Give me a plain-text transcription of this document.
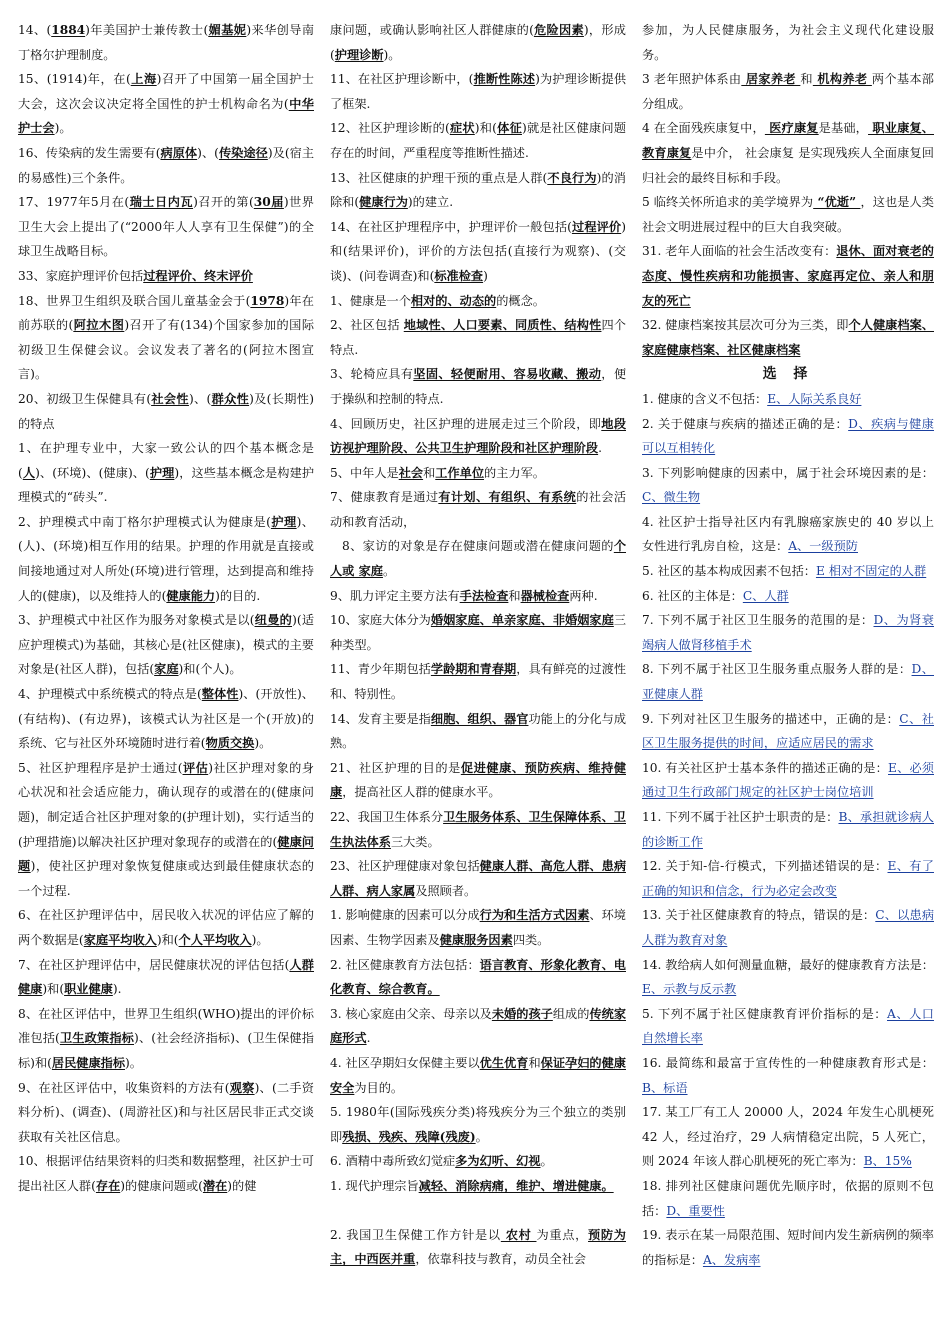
14、(1884)年美国护士兼传教士(媚基妮)来华创导南丁格尔护理制度。

15、(1914)年，在(上海)召开了中国第一届全国护士大会，这次会议决定将全国性的护士机构命名为(中华护士会)。

16、传染病的发生需要有(病原体)、(传染途径)及(宿主的易感性)三个条件。

17、1977年5月在(瑞士日内瓦)召开的第(30届)世界卫生大会上提出了(“2000年人人享有卫生保健”)的全球卫生战略目标。

33、家庭护理评价包括过程评价、终末评价

18、世界卫生组织及联合国儿童基金会于(1978)年在前苏联的(阿拉木图)召开了有(134)个国家参加的国际初级卫生保健会议。会议发表了著名的(阿拉木图宣言)。

20、初级卫生保健具有(社会性)、(群众性)及(长期性)的特点

1、在护理专业中，大家一致公认的四个基本概念是(人)、(环境)、(健康)、(护理)，这些基本概念是构建护理模式的“砖头”.

2、护理模式中南丁格尔护理模式认为健康是(护理)、(人)、(环境)相互作用的结果。护理的作用就是直接或间接地通过对人所处(环境)进行管理，达到提高和维持人的(健康)，以及维持人的(健康能力)的目的.

3、护理模式中社区作为服务对象模式是以(纽曼的)(适应护理模式)为基础，其核心是(社区健康)，模式的主要对象是(社区人群)，包括(家庭)和(个人)。

4、护理模式中系统模式的特点是(整体性)、(开放性)、(有结构)、(有边界)，该模式认为社区是一个(开放)的系统、它与社区外环境随时进行着(物质交换)。

5、社区护理程序是护士通过(评估)社区护理对象的身心状况和社会适应能力，确认现存的或潜在的(健康问题)，制定适合社区护理对象的(护理计划)，实行适当的(护理措施)以解决社区护理对象现存的或潜在的(健康问题)，使社区护理对象恢复健康或达到最佳健康状态的一个过程.

6、在社区护理评估中，居民收入状况的评估应了解的两个数据是(家庭平均收入)和(个人平均收入)。

7、在社区护理评估中，居民健康状况的评估包括(人群健康)和(职业健康).

8、在社区评估中，世界卫生组织(WHO)提出的评价标准包括(卫生政策指标)、(社会经济指标)、(卫生保健指标)和(居民健康指标)。

9、在社区评估中，收集资料的方法有(观察)、(二手资料分析)、(调查)、(周游社区)和与社区居民非正式交谈获取有关社区信息。

10、根据评估结果资料的归类和数据整理，社区护士可提出社区人群(存在)的健康问题或(潜在)的健

康问题，或确认影响社区人群健康的(危险因素)，形成(护理诊断)。

11、在社区护理诊断中，(推断性陈述)为护理诊断提供了框架.

12、社区护理诊断的(症状)和(体征)就是社区健康问题存在的时间，严重程度等推断性描述.

13、社区健康的护理干预的重点是人群(不良行为)的消除和(健康行为)的建立.

14、在社区护理程序中，护理评价一般包括(过程评价)和(结果评价)，评价的方法包括(直接行为观察)、(交谈)、(问卷调查)和(标准检查)

1、健康是一个相对的、动态的的概念。

2、社区包括 地域性、人口要素、同质性、结构性四个特点.

3、轮椅应具有坚固、轻便耐用、容易收藏、搬动，便于操纵和控制的特点.

4、回顾历史，社区护理的进展走过三个阶段，即地段访视护理阶段、公共卫生护理阶段和社区护理阶段.

5、中年人是社会和工作单位的主力军。

7、健康教育是通过有计划、有组织、有系统的社会活动和教育活动，

8、家访的对象是存在健康问题或潜在健康问题的个人或 家庭。

9、肌力评定主要方法有手法检查和器械检查两种.

10、家庭大体分为婚姻家庭、单亲家庭、非婚姻家庭三种类型。

11、青少年期包括学龄期和青春期，具有鲜亮的过渡性和、特别性。

14、发育主要是指细胞、组织、器官功能上的分化与成熟。

21、社区护理的目的是促进健康、预防疾病、维持健康，提高社区人群的健康水平。

22、我国卫生体系分卫生服务体系、卫生保障体系、卫生执法体系三大类。

23、社区护理健康对象包括健康人群、高危人群、患病人群、病人家属及照顾者。

1. 影响健康的因素可以分成行为和生活方式因素、环境因素、生物学因素及健康服务因素四类。

2. 社区健康教育方法包括：语言教育、形象化教育、电化教育、综合教育。

3. 核心家庭由父亲、母亲以及未婚的孩子组成的传统家庭形式.

4. 社区孕期妇女保健主要以优生优育和保证孕妇的健康安全为目的。

5. 1980年(国际残疾分类)将残疾分为三个独立的类别即残损、残疾、残障(残废)。

6. 酒精中毒所致幻觉症多为幻听、幻视。

1. 现代护理宗旨减轻、消除病痛，维护、增进健康。

2. 我国卫生保健工作方针是以 农村 为重点，预防为主，中西医并重，依靠科技与教育，动员全社会

参加，为人民健康服务，为社会主义现代化建设服务。

3 老年照护体系由 居家养老 和 机构养老 两个基本部分组成。

4 在全面残疾康复中， 医疗康复是基础， 职业康复、教育康复是中介， 社会康复 是实现残疾人全面康复回归社会的最终目标和手段。

5 临终关怀所追求的美学境界为 “优逝” ，这也是人类社会文明进展过程中的巨大自我突破。

31. 老年人面临的社会生活改变有：退休、面对衰老的态度、慢性疾病和功能损害、家庭再定位、亲人和朋友的死亡

32. 健康档案按其层次可分为三类，即个人健康档案、家庭健康档案、社区健康档案

选 择

1. 健康的含义不包括：E、人际关系良好

2. 关于健康与疾病的描述正确的是：D、疾病与健康可以互相转化

3. 下列影响健康的因素中，属于社会环境因素的是：C、微生物

4. 社区护士指导社区内有乳腺癌家族史的 40 岁以上女性进行乳房自检，这是：A、一级预防

5. 社区的基本构成因素不包括：E 相对不固定的人群

6. 社区的主体是：C、人群

7. 下列不属于社区卫生服务的范围的是：D、为肾衰竭病人做肾移植手术

8. 下列不属于社区卫生服务重点服务人群的是：D、亚健康人群

9. 下列对社区卫生服务的描述中，正确的是：C、社区卫生服务提供的时间，应适应居民的需求

10. 有关社区护士基本条件的描述正确的是：E、必须通过卫生行政部门规定的社区护士岗位培训

11. 下列不属于社区护士职责的是：B、承担就诊病人的诊断工作

12. 关于知-信-行模式，下列描述错误的是：E、有了正确的知识和信念，行为必定会改变

13. 关于社区健康教育的特点，错误的是：C、以患病人群为教育对象

14. 教给病人如何测量血糖，最好的健康教育方法是：E、示教与反示教

5. 下列不属于社区健康教育评价指标的是：A、人口自然增长率

16. 最简练和最富于宣传性的一种健康教育形式是：B、标语

17. 某工厂有工人 20000 人，2024 年发生心肌梗死 42 人，经过治疗，29 人病情稳定出院，5 人死亡，则 2024 年该人群心肌梗死的死亡率为：B、15%

18. 排列社区健康问题优先顺序时，依据的原则不包括：D、重要性

19. 表示在某一局限范围、短时间内发生新病例的频率的指标是：A、发病率
